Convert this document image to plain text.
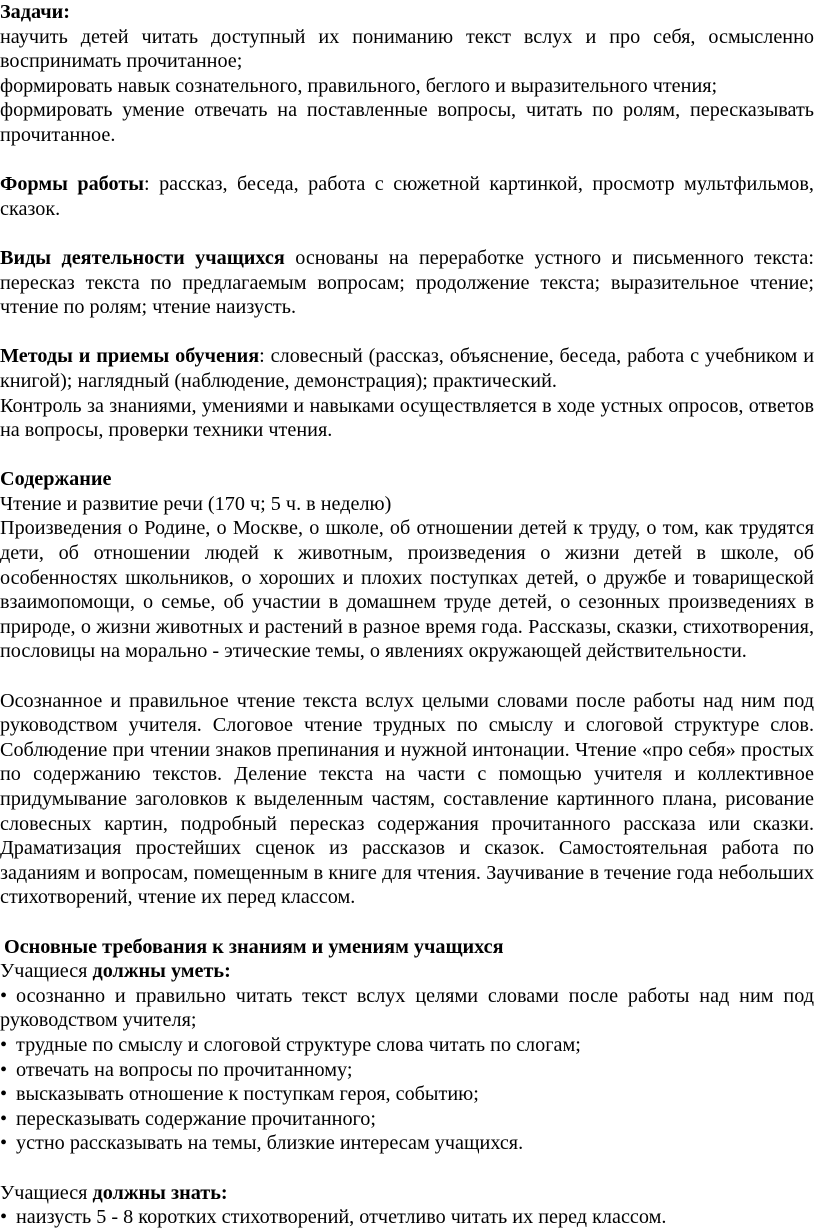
Задачи:

научить детей читать доступный их пониманию текст вслух и про себя, осмысленно воспринимать прочитанное;

формировать навык сознательного, правильного, беглого и выразительного чтения;

формировать умение отвечать на поставленные вопросы, читать по ролям, пересказывать прочитанное.

Формы работы: рассказ, беседа, работа с сюжетной картинкой, просмотр мультфильмов, сказок.

Виды деятельности учащихся основаны на переработке устного и письменного текста: пересказ текста по предлагаемым вопросам; продолжение текста; выразительное чтение; чтение по ролям; чтение наизусть.

Методы и приемы обучения: словесный (рассказ, объяснение, беседа, работа с учебником и книгой); наглядный (наблюдение, демонстрация); практический.

Контроль за знаниями, умениями и навыками осуществляется в ходе устных опросов, ответов на вопросы, проверки техники чтения.

Содержание

Чтение и развитие речи (170 ч; 5 ч. в неделю)

Произведения о Родине, о Москве, о школе, об отношении детей к труду, о том, как трудятся дети, об отношении людей к животным, произведения о жизни детей в школе, об особенностях школьников, о хороших и плохих поступках детей, о дружбе и товарищеской взаимопомощи, о семье, об участии в домашнем труде детей, о сезонных произведениях в природе, о жизни животных и растений в разное время года. Рассказы, сказки, стихотворения, пословицы на морально - этические темы, о явлениях окружающей действительности.

Осознанное и правильное чтение текста вслух целыми словами после работы над ним под руководством учителя. Слоговое чтение трудных по смыслу и слоговой структуре слов. Соблюдение при чтении знаков препинания и нужной интонации. Чтение «про себя» простых по содержанию текстов. Деление текста на части с помощью учителя и коллективное придумывание заголовков к выделенным частям, составление картинного плана, рисование словесных картин, подробный пересказ содержания прочитанного рассказа или сказки. Драматизация простейших сценок из рассказов и сказок. Самостоятельная работа по заданиям и вопросам, помещенным в книге для чтения. Заучивание в течение года небольших стихотворений, чтение их перед классом.

Основные требования к знаниям и умениям учащихся

Учащиеся должны уметь:

• осознанно и правильно читать текст вслух целями словами после работы над ним под руководством учителя;

• трудные по смыслу и слоговой структуре слова читать по слогам;

• отвечать на вопросы по прочитанному;

• высказывать отношение к поступкам героя, событию;

• пересказывать содержание прочитанного;

• устно рассказывать на темы, близкие интересам учащихся.

Учащиеся должны знать:

• наизусть 5 - 8 коротких стихотворений, отчетливо читать их перед классом.
